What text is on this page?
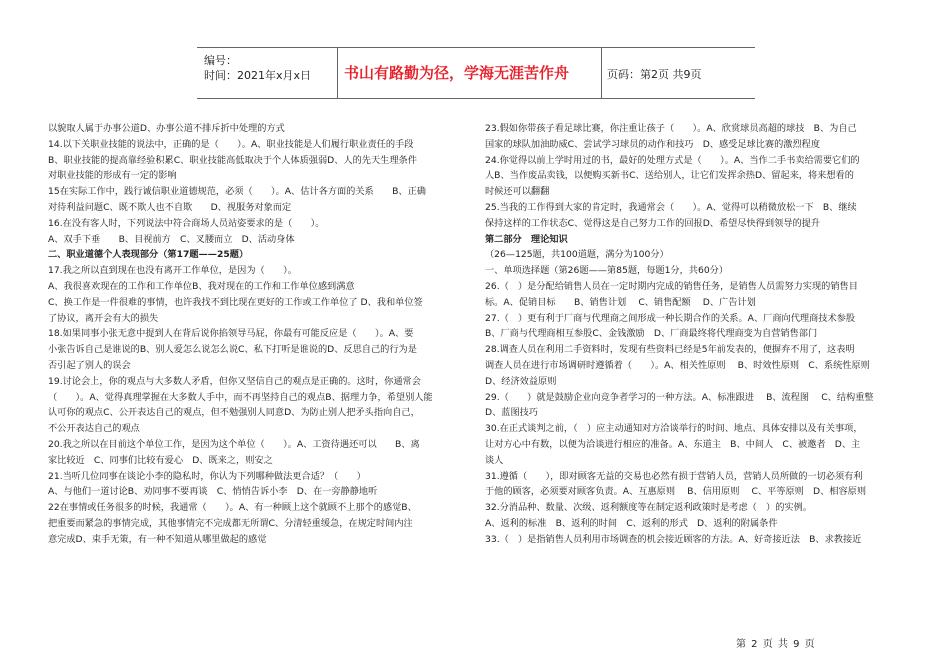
编号：
时间：2021年x月x日 书山有路勤为径，学海无涯苦作舟	页码：第2页 共9页

以貌取人属于办事公道D、办事公道不排斥折中处理的方式

14.以下关职业技能的说法中，正确的是（　　）。A、职业技能是人们履行职业责任的手段

B、职业技能的提高靠经验积累C、职业技能高低取决于个人体质强弱D、人的先天生理条件

对职业技能的形成有一定的影响

15在实际工作中，践行诚信职业道德规范，必须（　　）。A、估计各方面的关系　　B、正确

对待利益问题C、既不欺人也不自欺　　D、视服务对象而定

16.在没有客人时，下列说法中符合商场人员站姿要求的是（　　）。

A、双手下垂　　B、目视前方　C、叉腰而立　D、活动身体

二、职业道德个人表现部分（第17题——25题）

17.我之所以直到现在也没有离开工作单位，是因为（　　）。

A、我很喜欢现在的工作和工作单位B、我对现在的工作和工作单位感到满意

C、换工作是一件很难的事情，也许我找不到比现在更好的工作或工作单位了 D、我和单位签

了协议，离开会有大的损失

18.如果同事小张无意中提到人在背后说你掐领导马屁，你最有可能反应是（　　）。A、要

小张告诉自己是谁说的B、别人爱怎么说怎么说C、私下打听是谁说的D、反思自己的行为是

否引起了别人的误会

19.讨论会上，你的观点与大多数人矛盾，但你又坚信自己的观点是正确的。这时，你通常会

（　　）。A、觉得真理掌握在大多数人手中，而不再坚持自己的观点B、据理力争，希望别人能

认可你的观点C、公开表达自己的观点，但不勉强别人同意D、为防止别人把矛头指向自己，

不公开表达自己的观点

20.我之所以在目前这个单位工作，是因为这个单位（　　）。A、工资待遇还可以　　B、离

家比较近　C、同事们比较有爱心　D、既来之，则安之

21.当听几位同事在谈论小李的隐私时，你认为下列哪种做法更合适？（　　）

A、与他们一道讨论B、劝同事不要再谈　C、悄悄告诉小李　D、在一旁静静地听

22在事情或任务很多的时候，我通常（　　）。A、有一种顾上这个就顾不上那个的感觉B、

把重要而紧急的事情完成，其他事情完不完成都无所谓C、分清轻重缓急，在规定时间内注

意完成D、束手无策，有一种不知道从哪里做起的感觉

23.假如你带孩子看足球比赛，你注重让孩子（　　）。A、欣赏球员高超的球技　B、为自己

国家的球队加油助威C、尝试学习球员的动作和技巧　D、感受足球比赛的激烈程度

24.你觉得以前上学时用过的书，最好的处理方式是（　　）。A、当作二手书卖给需要它们的

人B、当作废品卖钱，以便购买新书C、送给别人，让它们发挥余热D、留起来，将来想看的

时候还可以翻翻

25.当我的工作得到大家的肯定时，我通常会（　　）。A、觉得可以稍微放松一下　B、继续

保持这样的工作状态C、觉得这是自己努力工作的回报D、希望尽快得到领导的提升

第二部分　理论知识

（26—125题，共100道题，满分为100分）

一、单项选择题（第26题——第85题，每题1分，共60分）

26.（　）是分配给销售人员在一定时期内完成的销售任务，是销售人员需努力实现的销售目

标。A、促销目标　　B、销售计划　 C、销售配额　 D、广告计划

27.（　）更有利于厂商与代理商之间形成一种长期合作的关系。A、厂商向代理商技术参股

B、厂商与代理商相互参股C、金钱激励　D、厂商最终将代理商变为自营销售部门

28.调查人员在利用二手资料时，发现有些资料已经是5年前发表的，便摒弃不用了，这表明

调查人员在进行市场调研时遵循着（　　）。A、相关性原则　 B、时效性原则　C、系统性原则

D、经济效益原则

29.（　　）就是鼓励企业向竞争者学习的一种方法。A、标准跟进　 B、流程图　 C、结构重整

D、蓝图技巧

30.在正式谈判之前，（　）应主动通知对方洽谈举行的时间、地点、具体安排以及有关事项，

让对方心中有数，以便为洽谈进行相应的准备。A、东道主　B、中间人　C、被邀者　D、主

谈人

31.遵循（　　），即对顾客无益的交易也必然有损于营销人员，营销人员所做的一切必须有利

于他的顾客，必须要对顾客负责。A、互惠原则　 B、信用原则　 C、平等原则　D、相容原则

32.分消品种、数量、次级、返利额度等在制定返利政策时是考虑（　）的实例。

A、返利的标准　B、返利的时间　C、返利的形式　D、返利的附属条件

33.（　）是指销售人员利用市场调查的机会接近顾客的方法。A、好奇接近法　B、求教接近

第 2 页 共 9 页
